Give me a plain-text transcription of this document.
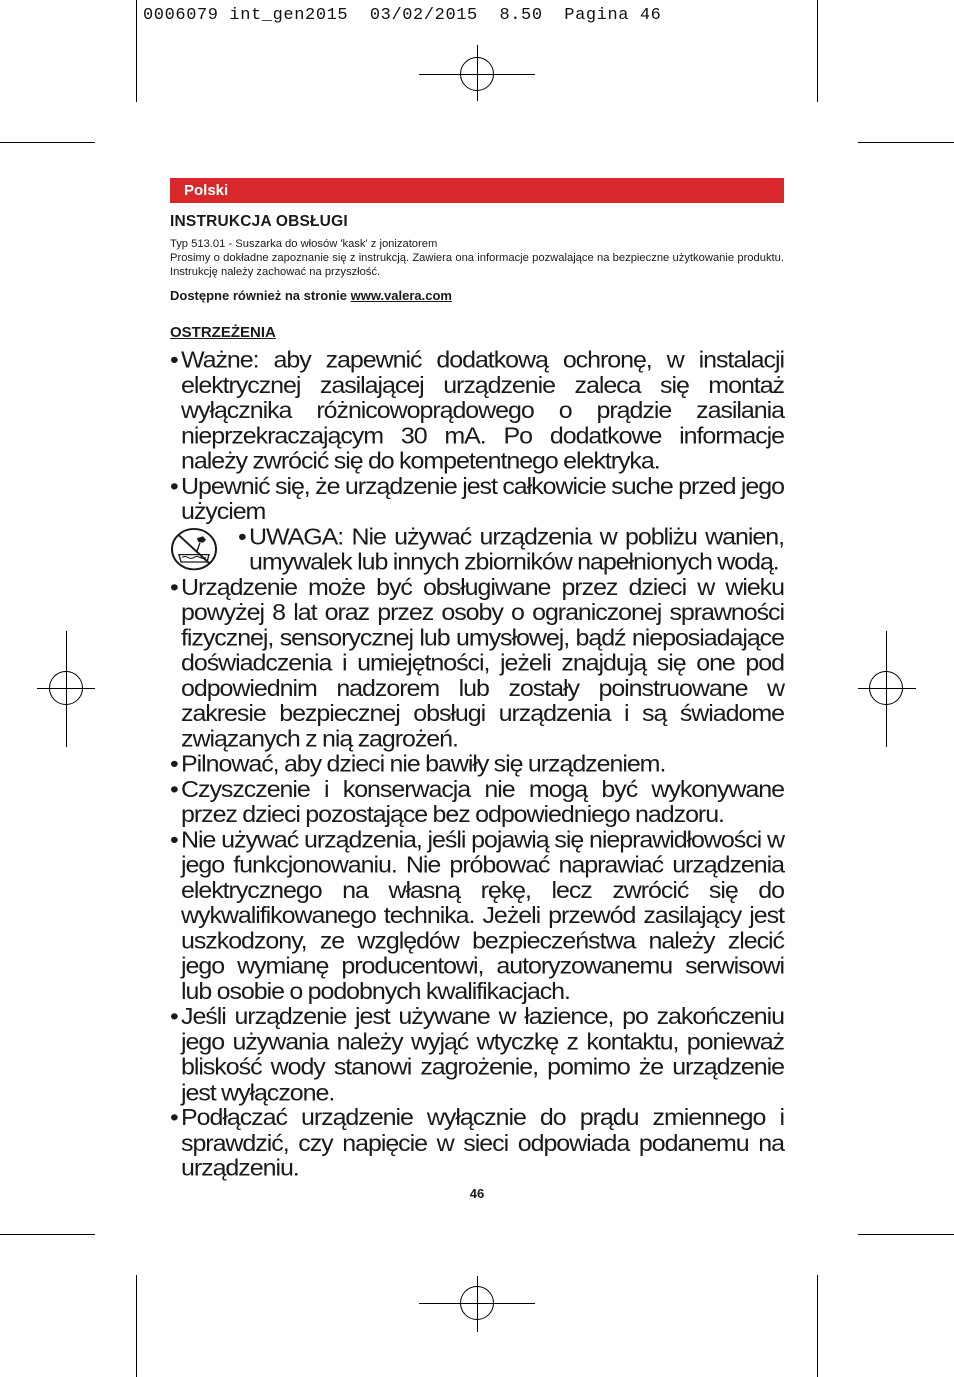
0006079 int_gen2015  03/02/2015  8.50  Pagina 46
Polski
INSTRUKCJA OBSŁUGI
Typ 513.01 - Suszarka do włosów 'kask' z jonizatorem
Prosimy o dokładne zapoznanie się z instrukcją. Zawiera ona informacje pozwalające na bezpieczne użytkowanie produktu. Instrukcję należy zachować na przyszłość.
Dostępne również na stronie www.valera.com
OSTRZEŻENIA
• Ważne: aby zapewnić dodatkową ochronę, w instalacji elektrycznej zasilającej urządzenie zaleca się montaż wyłącznika różnicowoprądowego o prądzie zasilania nieprzekraczającym 30 mA. Po dodatkowe informacje należy zwrócić się do kompetentnego elektryka.
• Upewnić się, że urządzenie jest całkowicie suche przed jego użyciem
• UWAGA: Nie używać urządzenia w pobliżu wanien, umywalek lub innych zbiorników napełnionych wodą.
• Urządzenie może być obsługiwane przez dzieci w wieku powyżej 8 lat oraz przez osoby o ograniczonej sprawności fizycznej, sensorycznej lub umysłowej, bądź nieposiadające doświadczenia i umiejętności, jeżeli znajdują się one pod odpowiednim nadzorem lub zostały poinstruowane w zakresie bezpiecznej obsługi urządzenia i są świadome związanych z nią zagrożeń.
• Pilnować, aby dzieci nie bawiły się urządzeniem.
• Czyszczenie i konserwacja nie mogą być wykonywane przez dzieci pozostające bez odpowiedniego nadzoru.
• Nie używać urządzenia, jeśli pojawią się nieprawidłowości w jego funkcjonowaniu. Nie próbować naprawiać urządzenia elektrycznego na własną rękę, lecz zwrócić się do wykwalifikowanego technika. Jeżeli przewód zasilający jest uszkodzony, ze względów bezpieczeństwa należy zlecić jego wymianę producentowi, autoryzowanemu serwisowi lub osobie o podobnych kwalifikacjach.
• Jeśli urządzenie jest używane w łazience, po zakończeniu jego używania należy wyjąć wtyczkę z kontaktu, ponieważ bliskość wody stanowi zagrożenie, pomimo że urządzenie jest wyłączone.
• Podłączać urządzenie wyłącznie do prądu zmiennego i sprawdzić, czy napięcie w sieci odpowiada podanemu na urządzeniu.
46
